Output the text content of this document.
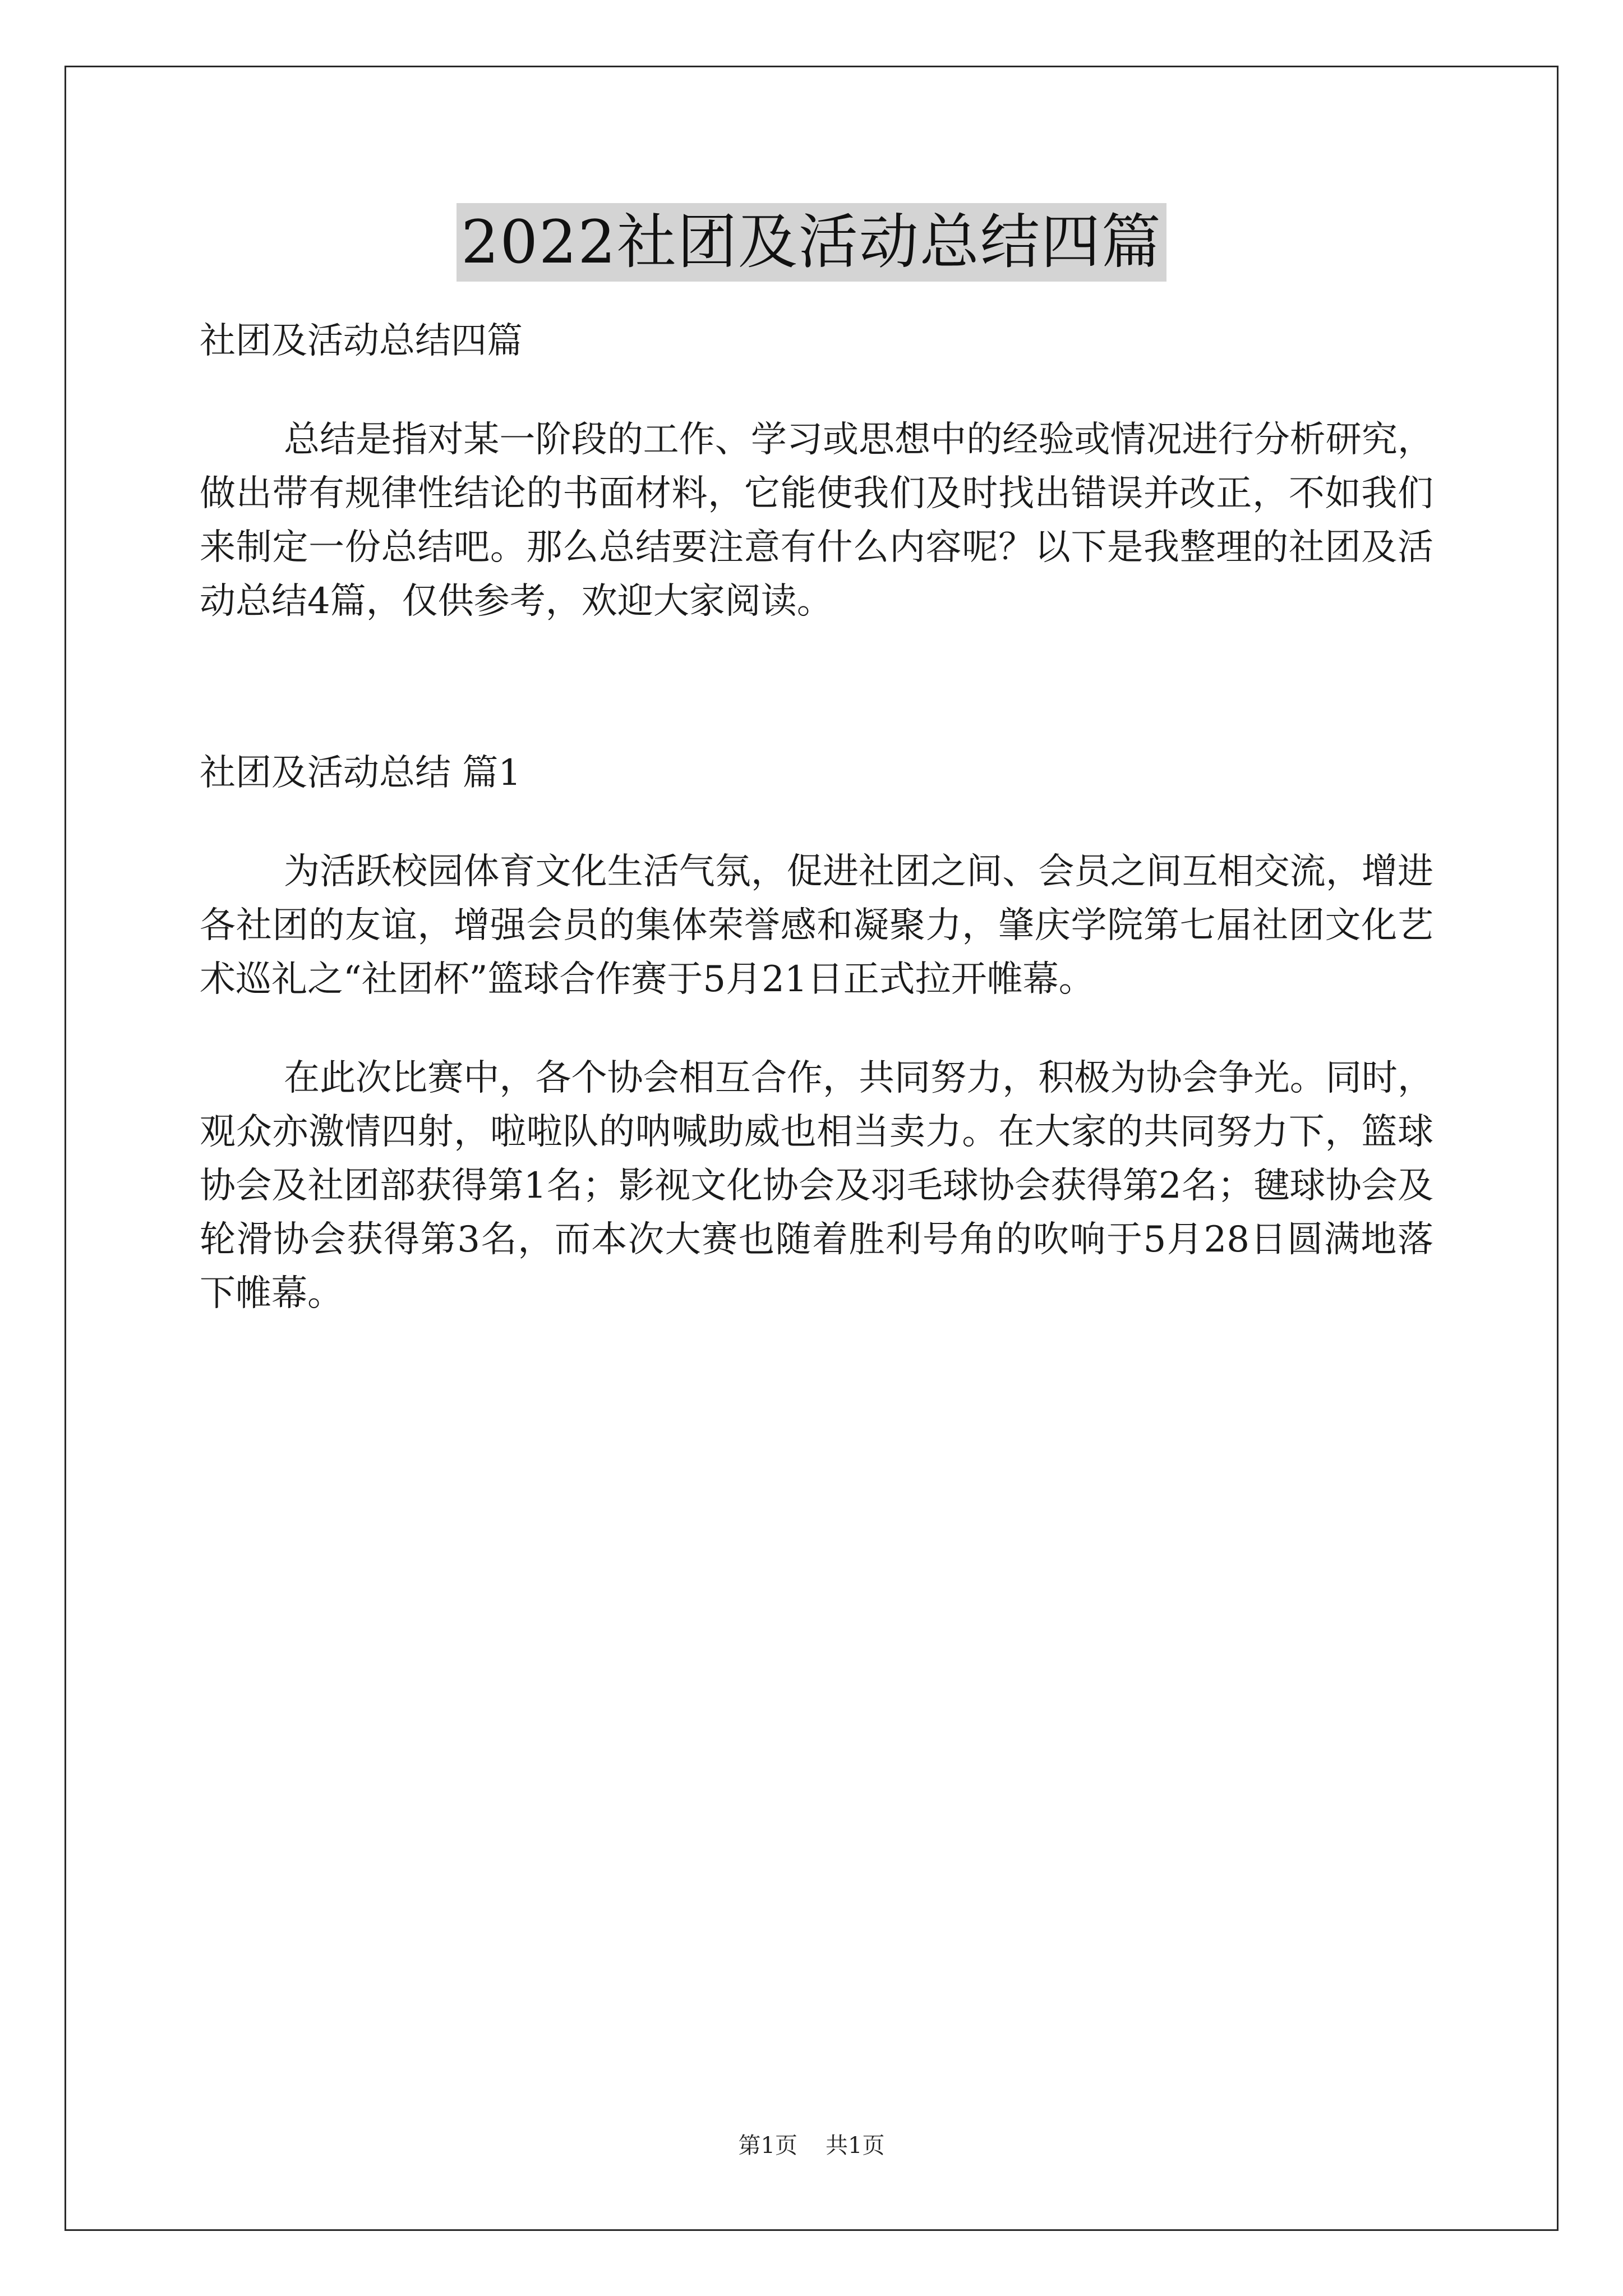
2022社团及活动总结四篇

社团及活动总结四篇

总结是指对某一阶段的工作、学习或思想中的经验或情况进行分析研究，做出带有规律性结论的书面材料，它能使我们及时找出错误并改正，不如我们来制定一份总结吧。那么总结要注意有什么内容呢？以下是我整理的社团及活动总结4篇，仅供参考，欢迎大家阅读。

社团及活动总结 篇1

为活跃校园体育文化生活气氛，促进社团之间、会员之间互相交流，增进各社团的友谊，增强会员的集体荣誉感和凝聚力，肇庆学院第七届社团文化艺术巡礼之“社团杯”篮球合作赛于5月21日正式拉开帷幕。

在此次比赛中，各个协会相互合作，共同努力，积极为协会争光。同时，观众亦激情四射，啦啦队的呐喊助威也相当卖力。在大家的共同努力下，篮球协会及社团部获得第1名；影视文化协会及羽毛球协会获得第2名；毽球协会及轮滑协会获得第3名，而本次大赛也随着胜利号角的吹响于5月28日圆满地落下帷幕。

第1页 共1页
